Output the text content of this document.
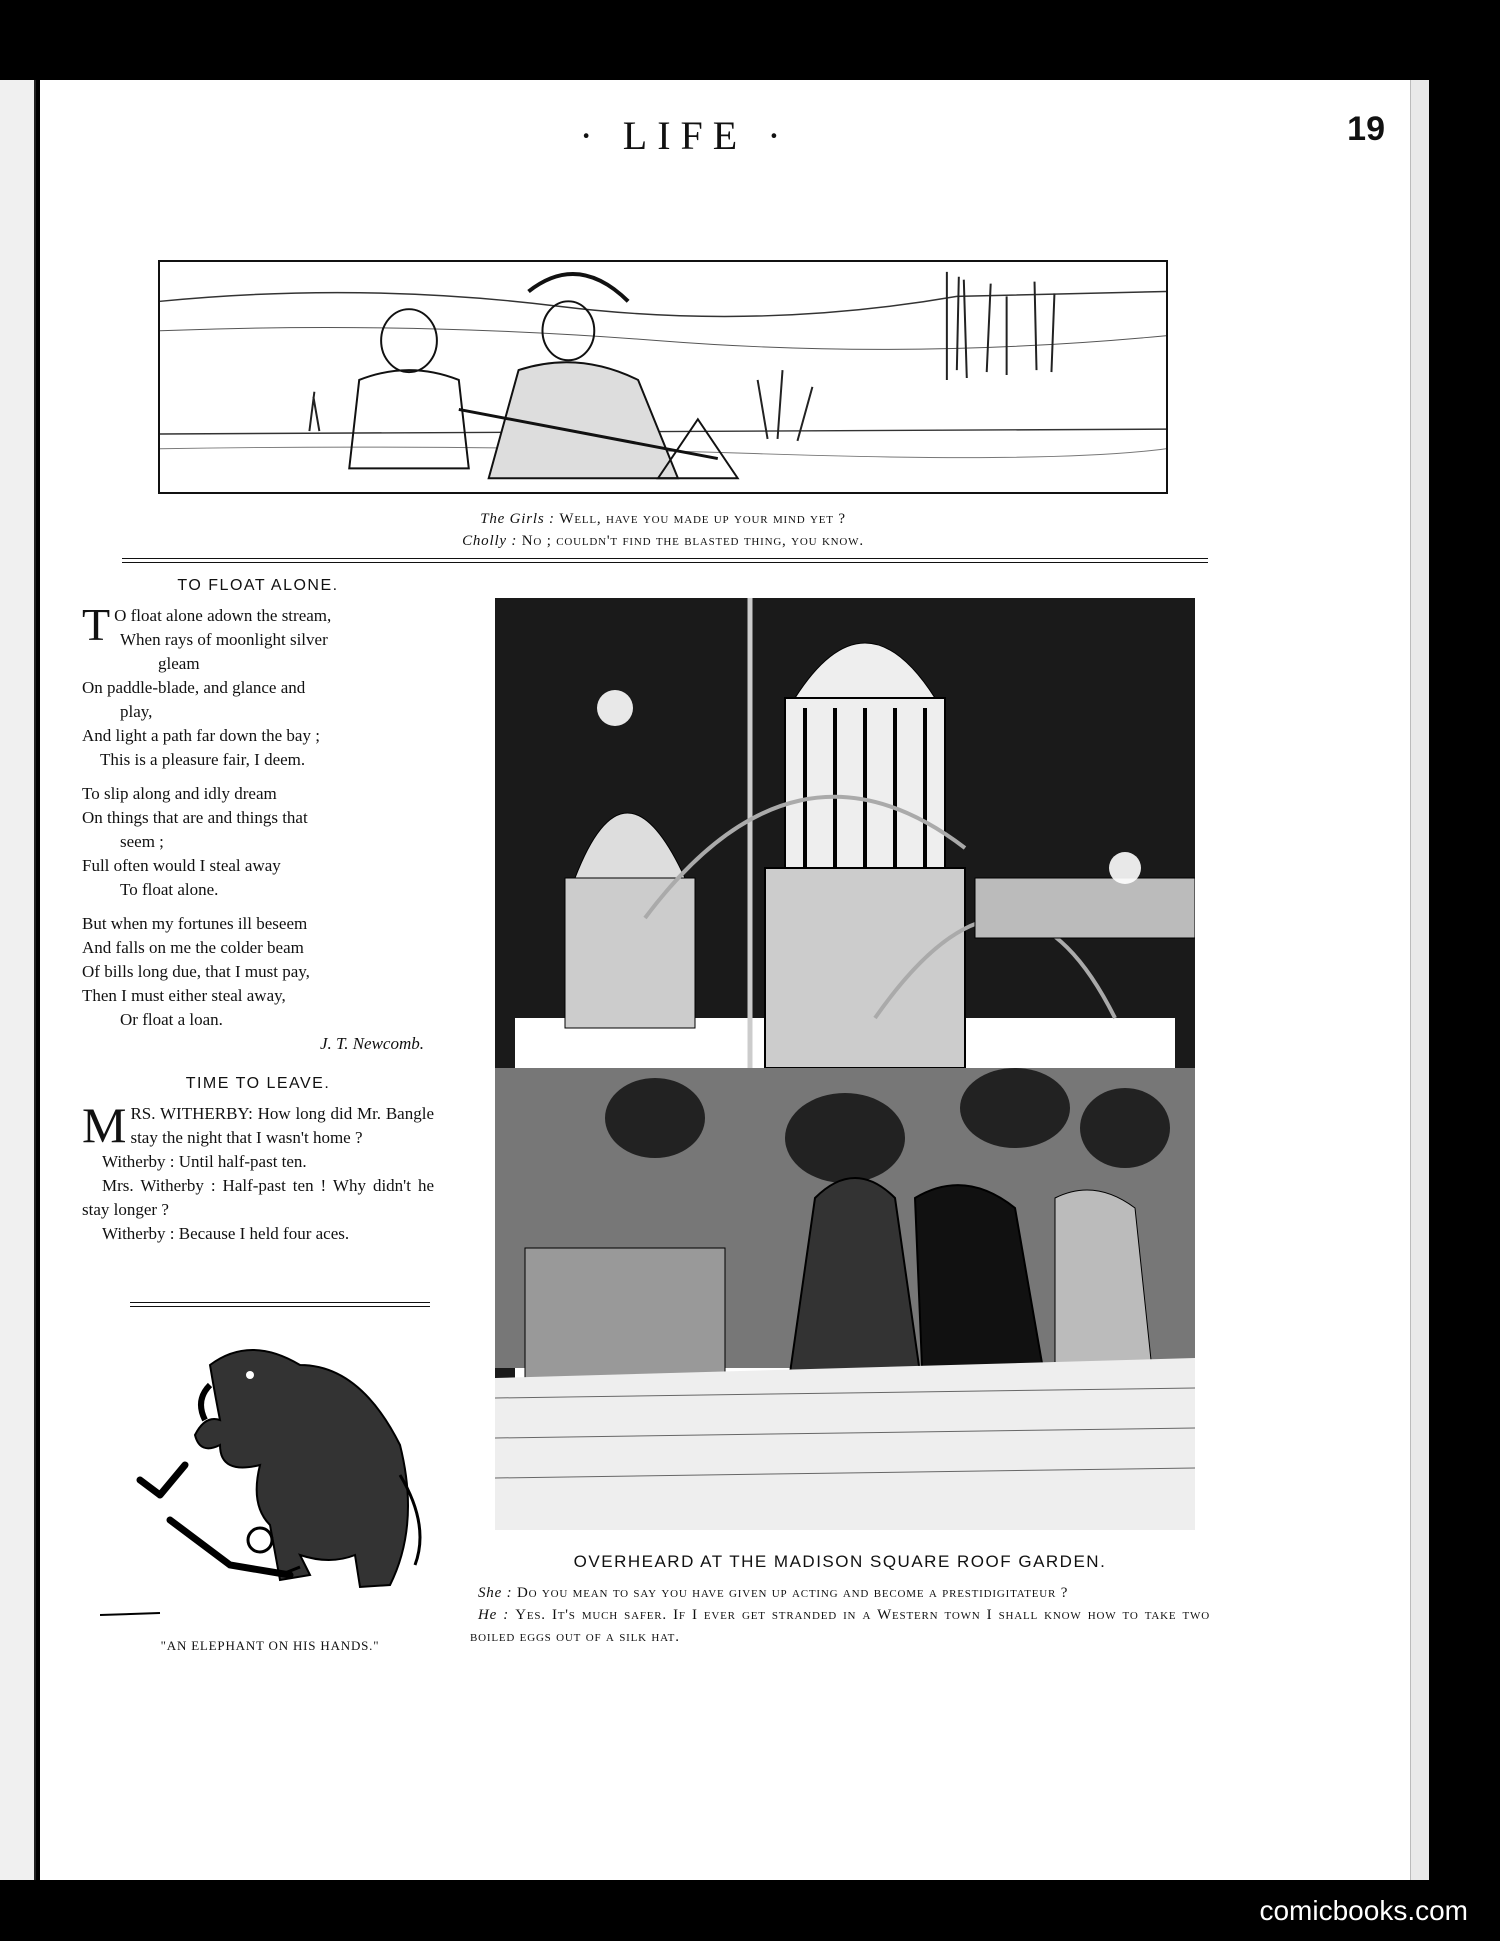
· LIFE ·	19
The Girls : Well, have you made up your mind yet ?
Cholly : No ; couldn't find the blasted thing, you know.
TO FLOAT ALONE.
T O float alone adown the stream,
When rays of moonlight silver
gleam
On paddle-blade, and glance and
play,
And light a path far down the bay ;
This is a pleasure fair, I deem.
To slip along and idly dream
On things that are and things that
seem ;
Full often would I steal away
To float alone.
But when my fortunes ill beseem
And falls on me the colder beam
Of bills long due, that I must pay,
Then I must either steal away,
Or float a loan.
J. T. Newcomb.
TIME TO LEAVE.

MRS. WITHERBY: How long did Mr. Bangle stay the night that I wasn't home ?

Witherby : Until half-past ten.

Mrs. Witherby : Half-past ten ! Why didn't he stay longer ?

Witherby : Because I held four aces.

"AN ELEPHANT ON HIS HANDS."
OVERHEARD AT THE MADISON SQUARE ROOF GARDEN.
She : Do you mean to say you have given up acting and become a prestidigitateur ?
He : Yes. It's much safer. If I ever get stranded in a Western town I shall know how to take two boiled eggs out of a silk hat.
comicbooks.com
